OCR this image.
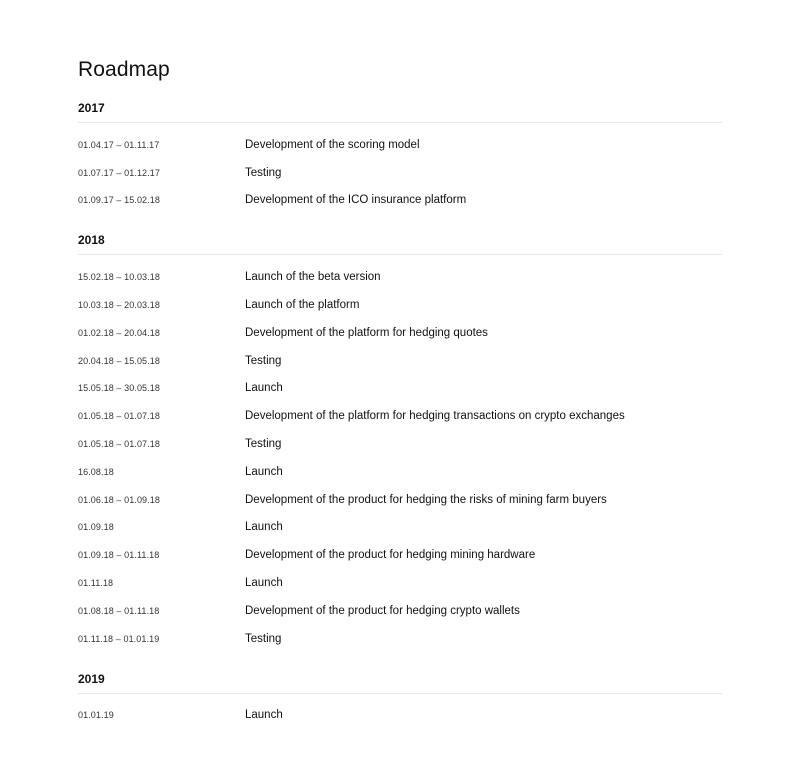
Roadmap
2017
01.04.17 – 01.11.17	Development of the scoring model
01.07.17 – 01.12.17	Testing
01.09.17 – 15.02.18	Development of the ICO insurance platform
2018
15.02.18 – 10.03.18	Launch of the beta version
10.03.18 – 20.03.18	Launch of the platform
01.02.18 – 20.04.18	Development of the platform for hedging quotes
20.04.18 – 15.05.18	Testing
15.05.18 – 30.05.18	Launch
01.05.18 – 01.07.18	Development of the platform for hedging transactions on crypto exchanges
01.05.18 – 01.07.18	Testing
16.08.18	Launch
01.06.18 – 01.09.18	Development of the product for hedging the risks of mining farm buyers
01.09.18	Launch
01.09.18 – 01.11.18	Development of the product for hedging mining hardware
01.11.18	Launch
01.08.18 – 01.11.18	Development of the product for hedging crypto wallets
01.11.18 – 01.01.19	Testing
2019
01.01.19	Launch
